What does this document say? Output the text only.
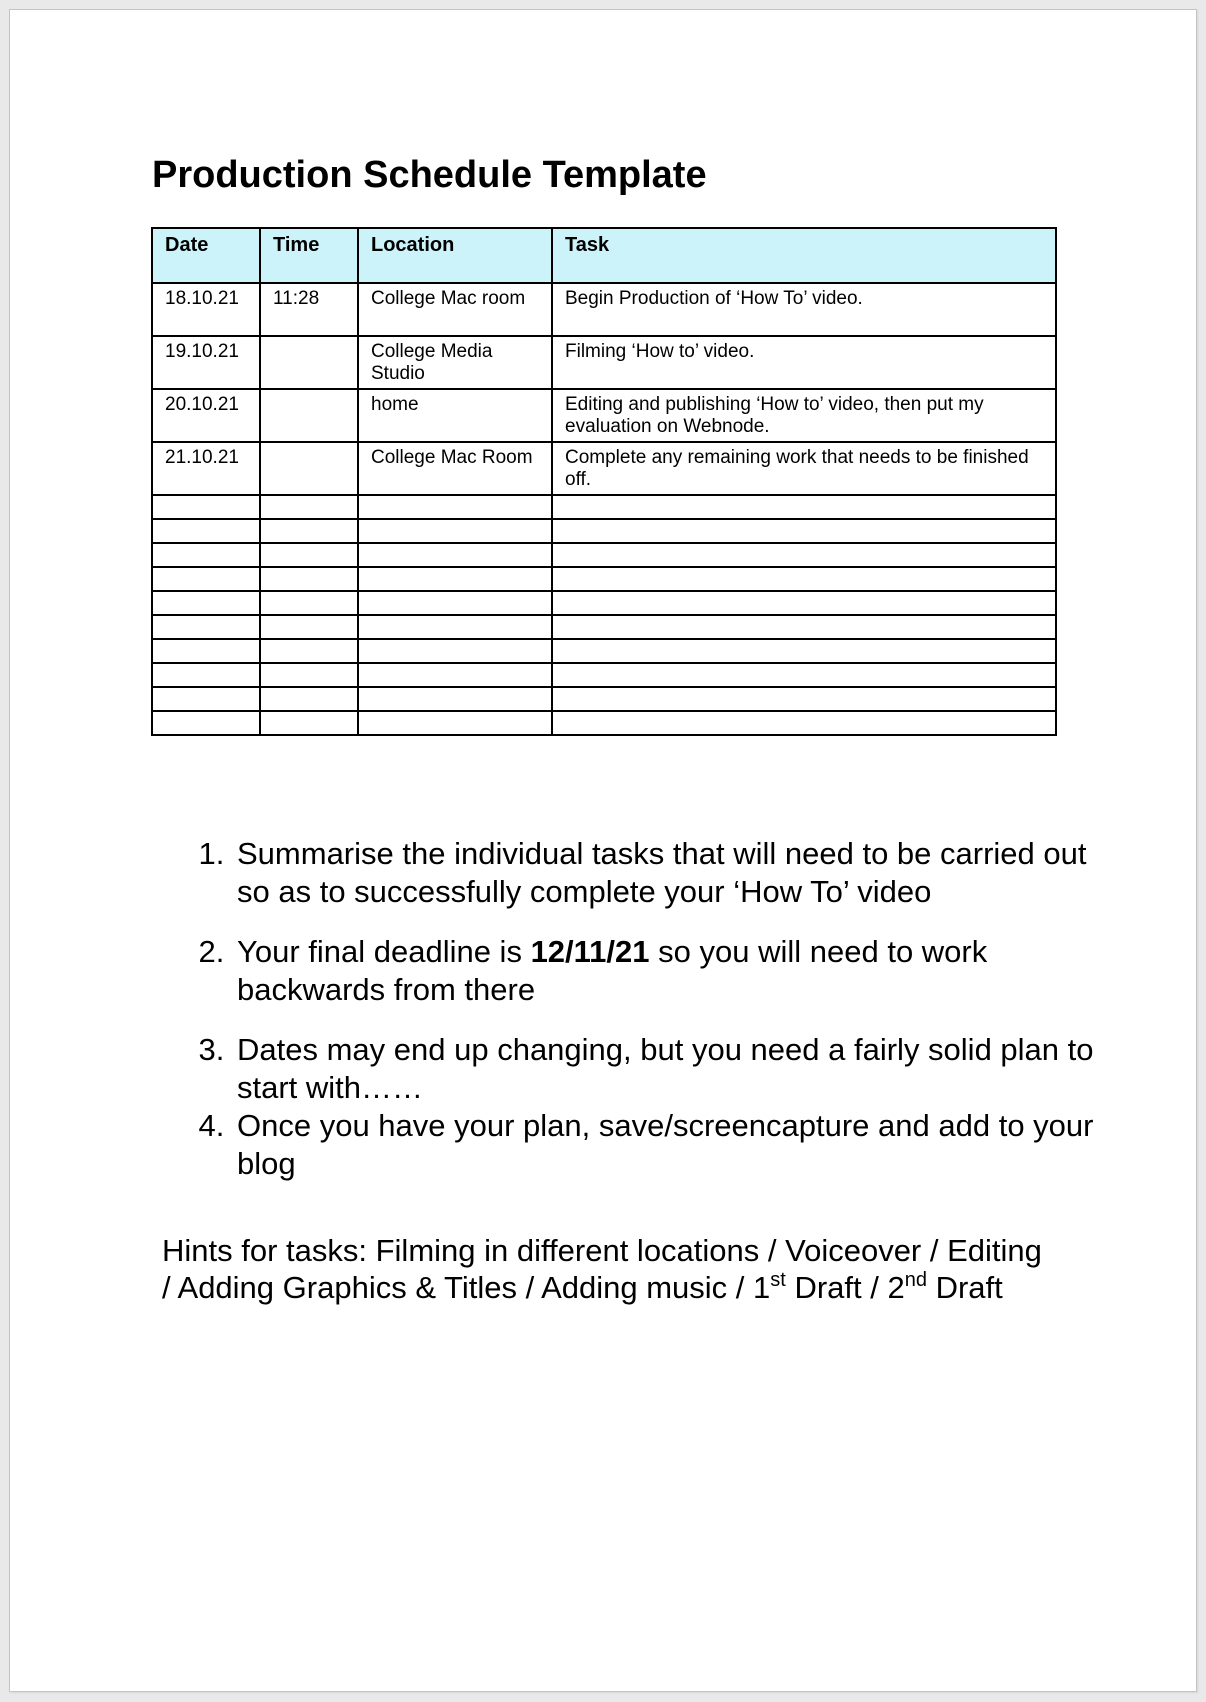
Production Schedule Template
Date	Time	Location	Task
18.10.21	11:28	College Mac room	Begin Production of ‘How To’ video.
19.10.21		College Media Studio	Filming ‘How to’ video.
20.10.21		home	Editing and publishing ‘How to’ video, then put my evaluation on Webnode.
21.10.21		College Mac Room	Complete any remaining work that needs to be finished off.

1. Summarise the individual tasks that will need to be carried out so as to successfully complete your ‘How To’ video
2. Your final deadline is 12/11/21 so you will need to work backwards from there
3. Dates may end up changing, but you need a fairly solid plan to start with……
4. Once you have your plan, save/screencapture and add to your blog

Hints for tasks: Filming in different locations / Voiceover / Editing / Adding Graphics & Titles / Adding music / 1st Draft / 2nd Draft
